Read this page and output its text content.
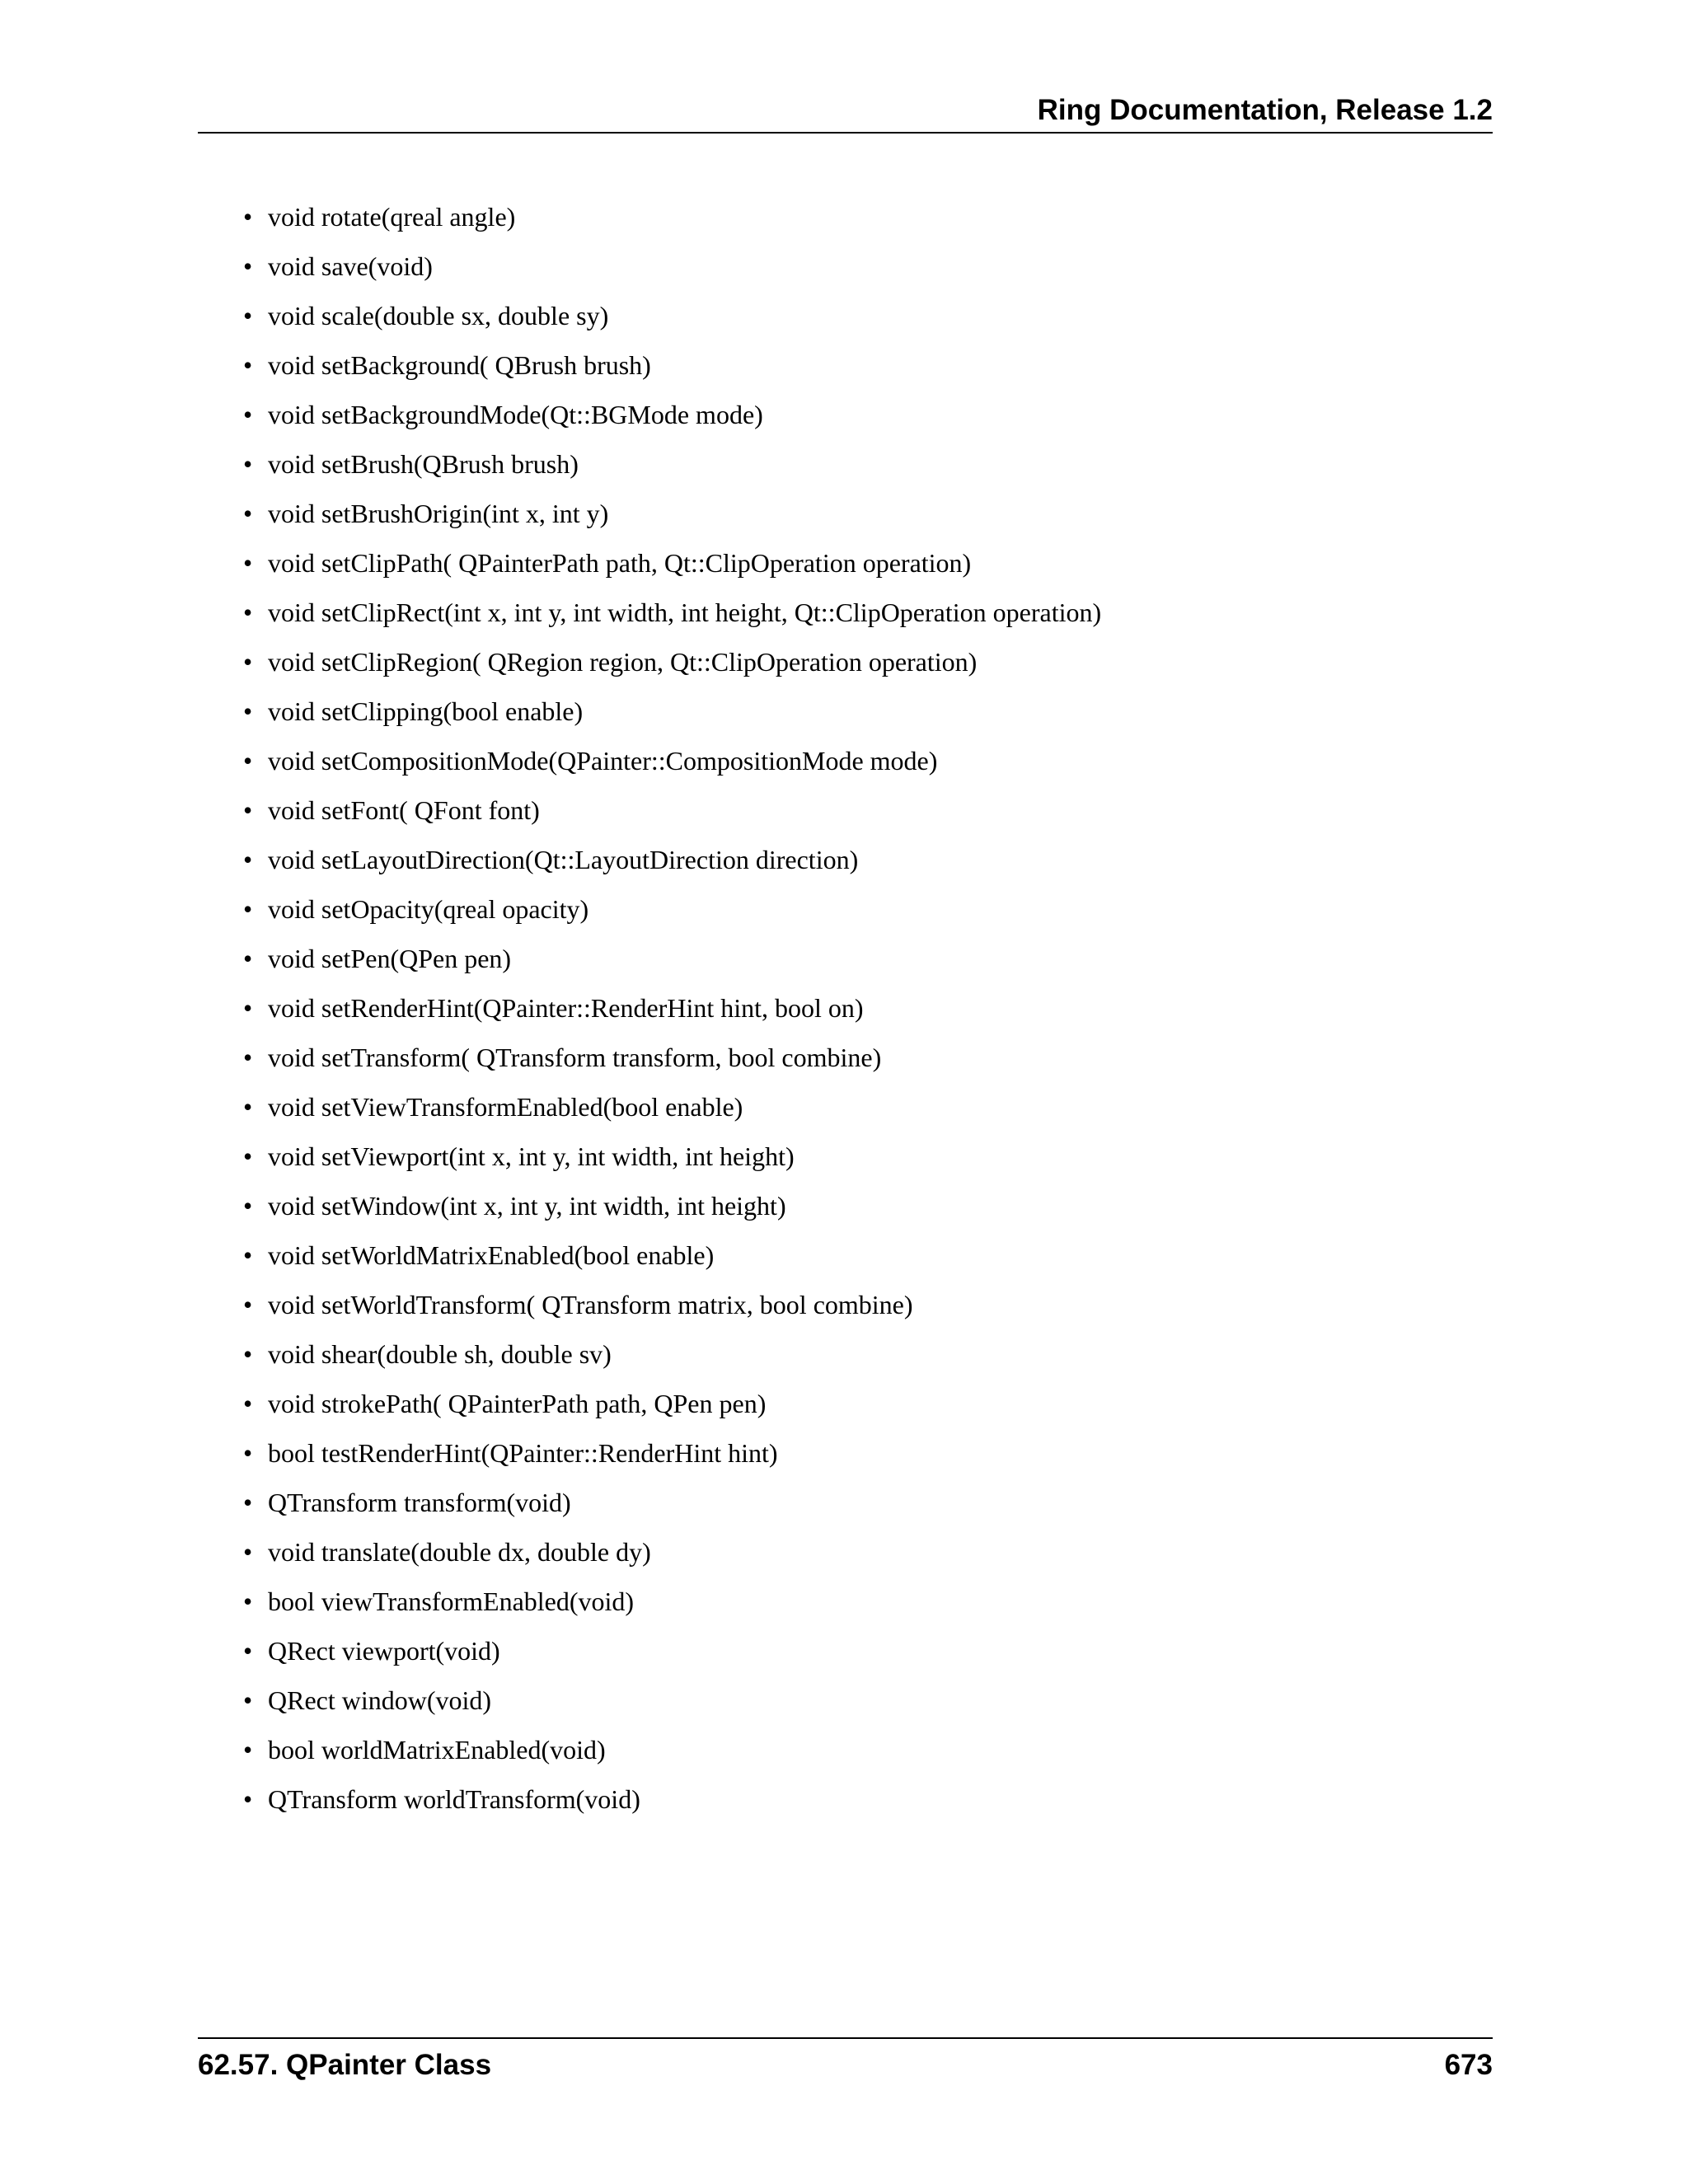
Ring Documentation, Release 1.2
• void rotate(qreal angle)
• void save(void)
• void scale(double sx, double sy)
• void setBackground( QBrush brush)
• void setBackgroundMode(Qt::BGMode mode)
• void setBrush(QBrush brush)
• void setBrushOrigin(int x, int y)
• void setClipPath( QPainterPath path, Qt::ClipOperation operation)
• void setClipRect(int x, int y, int width, int height, Qt::ClipOperation operation)
• void setClipRegion( QRegion region, Qt::ClipOperation operation)
• void setClipping(bool enable)
• void setCompositionMode(QPainter::CompositionMode mode)
• void setFont( QFont font)
• void setLayoutDirection(Qt::LayoutDirection direction)
• void setOpacity(qreal opacity)
• void setPen(QPen pen)
• void setRenderHint(QPainter::RenderHint hint, bool on)
• void setTransform( QTransform transform, bool combine)
• void setViewTransformEnabled(bool enable)
• void setViewport(int x, int y, int width, int height)
• void setWindow(int x, int y, int width, int height)
• void setWorldMatrixEnabled(bool enable)
• void setWorldTransform( QTransform matrix, bool combine)
• void shear(double sh, double sv)
• void strokePath( QPainterPath path, QPen pen)
• bool testRenderHint(QPainter::RenderHint hint)
• QTransform transform(void)
• void translate(double dx, double dy)
• bool viewTransformEnabled(void)
• QRect viewport(void)
• QRect window(void)
• bool worldMatrixEnabled(void)
• QTransform worldTransform(void)
62.57. QPainter Class	673
